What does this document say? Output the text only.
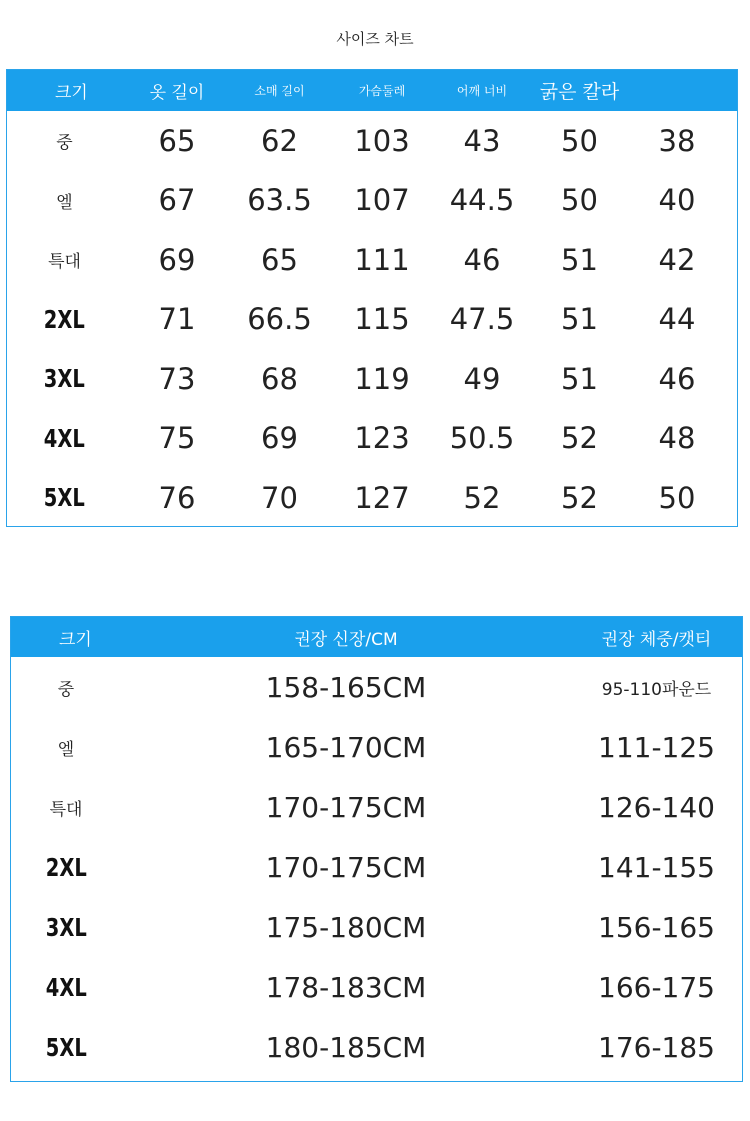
사이즈 차트
크기	옷 길이	소매 길이	가슴둘레	어깨 너비	굵은 칼라
중	65	62	103	43	50	38
엘	67	63.5	107	44.5	50	40
특대	69	65	111	46	51	42
2XL	71	66.5	115	47.5	51	44
3XL	73	68	119	49	51	46
4XL	75	69	123	50.5	52	48
5XL	76	70	127	52	52	50
크기	권장 신장/CM	권장 체중/캣티
중	158-165CM	95-110파운드
엘	165-170CM	111-125
특대	170-175CM	126-140
2XL	170-175CM	141-155
3XL	175-180CM	156-165
4XL	178-183CM	166-175
5XL	180-185CM	176-185
